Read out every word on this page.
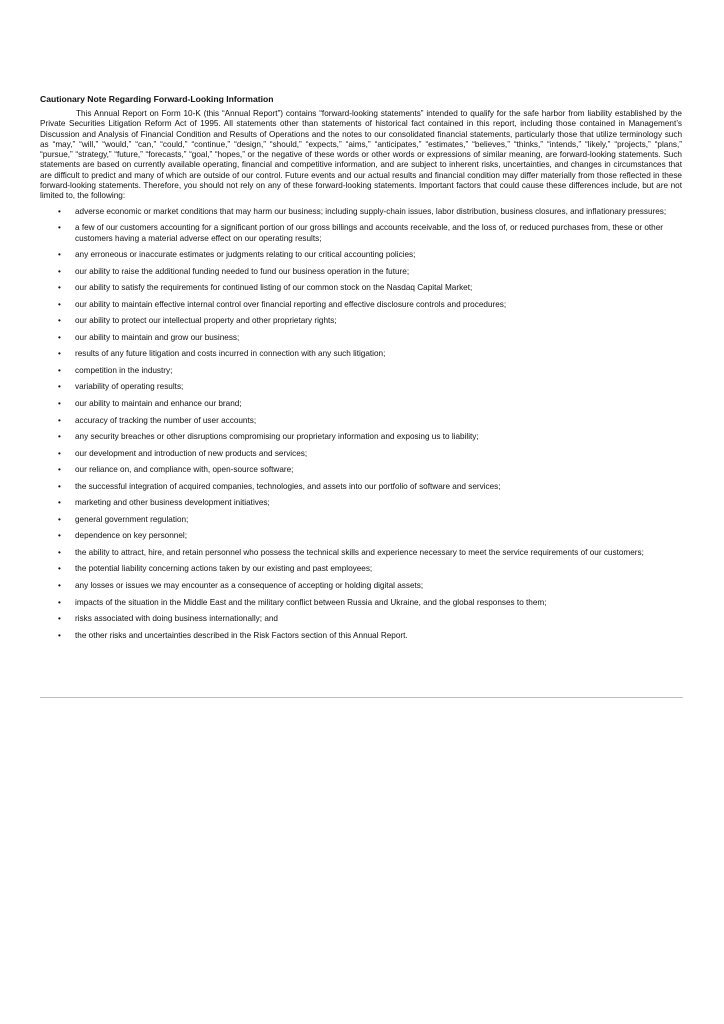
Cautionary Note Regarding Forward-Looking Information

This Annual Report on Form 10-K (this “Annual Report”) contains “forward-looking statements” intended to qualify for the safe harbor from liability established by the Private Securities Litigation Reform Act of 1995. All statements other than statements of historical fact contained in this report, including those contained in Management’s Discussion and Analysis of Financial Condition and Results of Operations and the notes to our consolidated financial statements, particularly those that utilize terminology such as “may,” “will,” “would,” “can,” “could,” “continue,” “design,” “should,” “expects,” “aims,” “anticipates,” “estimates,” “believes,” “thinks,” “intends,” “likely,” “projects,” “plans,” “pursue,” “strategy,” “future,” “forecasts,” “goal,” “hopes,” or the negative of these words or other words or expressions of similar meaning, are forward-looking statements. Such statements are based on currently available operating, financial and competitive information, and are subject to inherent risks, uncertainties, and changes in circumstances that are difficult to predict and many of which are outside of our control. Future events and our actual results and financial condition may differ materially from those reflected in these forward-looking statements. Therefore, you should not rely on any of these forward-looking statements. Important factors that could cause these differences include, but are not limited to, the following:

•	adverse economic or market conditions that may harm our business; including supply-chain issues, labor distribution, business closures, and inflationary pressures;
•	a few of our customers accounting for a significant portion of our gross billings and accounts receivable, and the loss of, or reduced purchases from, these or other customers having a material adverse effect on our operating results;
•	any erroneous or inaccurate estimates or judgments relating to our critical accounting policies;
•	our ability to raise the additional funding needed to fund our business operation in the future;
•	our ability to satisfy the requirements for continued listing of our common stock on the Nasdaq Capital Market;
•	our ability to maintain effective internal control over financial reporting and effective disclosure controls and procedures;
•	our ability to protect our intellectual property and other proprietary rights;
•	our ability to maintain and grow our business;
•	results of any future litigation and costs incurred in connection with any such litigation;
•	competition in the industry;
•	variability of operating results;
•	our ability to maintain and enhance our brand;
•	accuracy of tracking the number of user accounts;
•	any security breaches or other disruptions compromising our proprietary information and exposing us to liability;
•	our development and introduction of new products and services;
•	our reliance on, and compliance with, open-source software;
•	the successful integration of acquired companies, technologies, and assets into our portfolio of software and services;
•	marketing and other business development initiatives;
•	general government regulation;
•	dependence on key personnel;
•	the ability to attract, hire, and retain personnel who possess the technical skills and experience necessary to meet the service requirements of our customers;
•	the potential liability concerning actions taken by our existing and past employees;
•	any losses or issues we may encounter as a consequence of accepting or holding digital assets;
•	impacts of the situation in the Middle East and the military conflict between Russia and Ukraine, and the global responses to them;
•	risks associated with doing business internationally; and
•	the other risks and uncertainties described in the Risk Factors section of this Annual Report.
